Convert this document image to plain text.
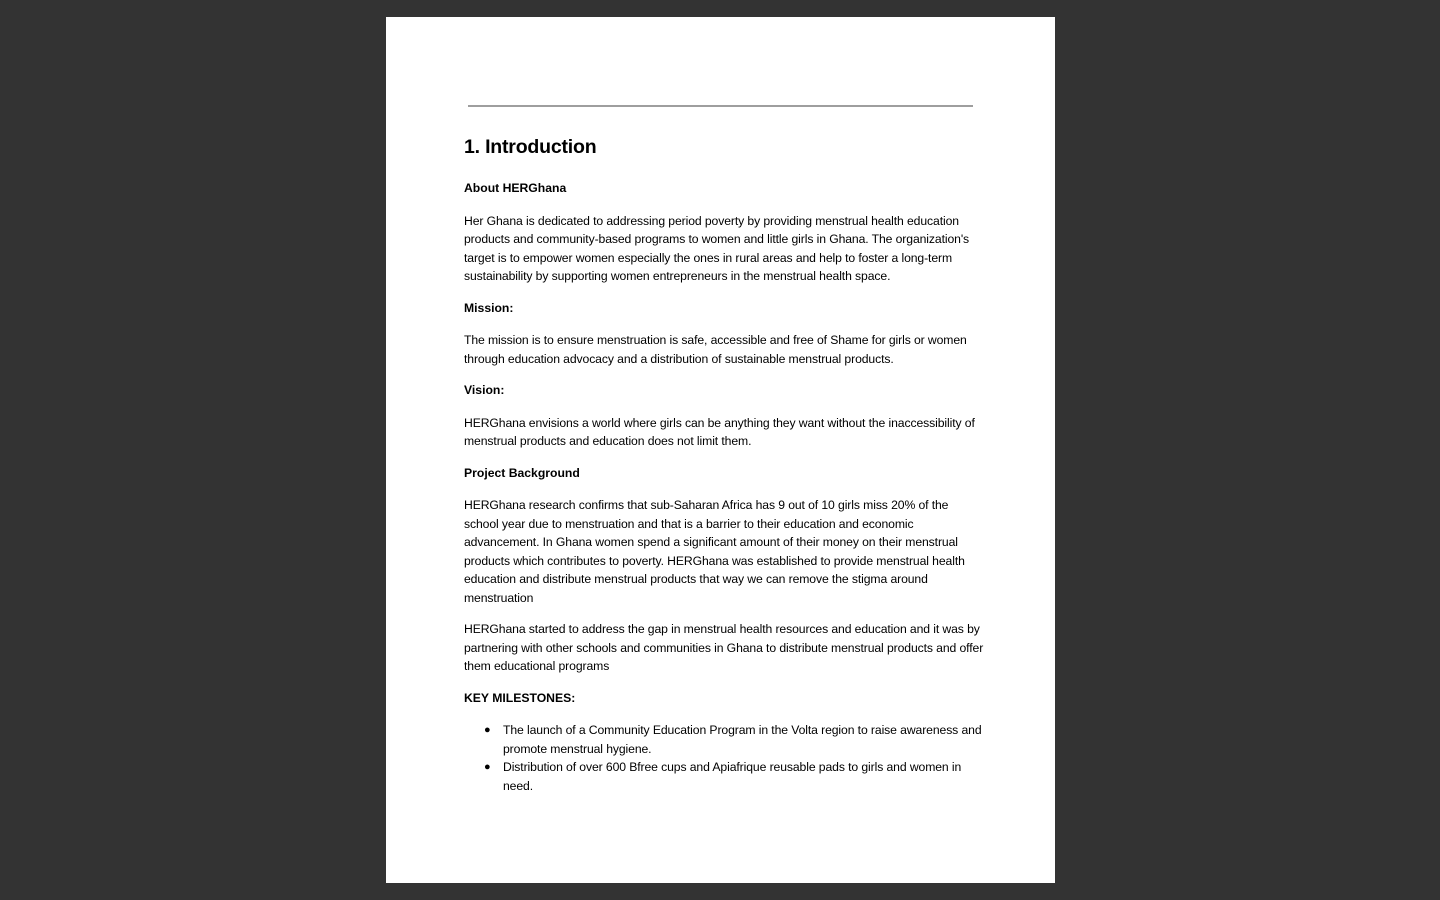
1. Introduction
About HERGhana

Her Ghana is dedicated to addressing period poverty by providing menstrual health education products and community-based programs to women and little girls in Ghana. The organization's target is to empower women especially the ones in rural areas and help to foster a long-term sustainability by supporting women entrepreneurs in the menstrual health space.

Mission:

The mission is to ensure menstruation is safe, accessible and free of Shame for girls or women through education advocacy and a distribution of sustainable menstrual products.

Vision:

HERGhana envisions a world where girls can be anything they want without the inaccessibility of menstrual products and education does not limit them.

Project Background

HERGhana research confirms that sub-Saharan Africa has 9 out of 10 girls miss 20% of the school year due to menstruation and that is a barrier to their education and economic advancement. In Ghana women spend a significant amount of their money on their menstrual products which contributes to poverty. HERGhana was established to provide menstrual health education and distribute menstrual products that way we can remove the stigma around menstruation

HERGhana started to address the gap in menstrual health resources and education and it was by partnering with other schools and communities in Ghana to distribute menstrual products and offer them educational programs

KEY MILESTONES:
● The launch of a Community Education Program in the Volta region to raise awareness and promote menstrual hygiene.
● Distribution of over 600 Bfree cups and Apiafrique reusable pads to girls and women in need.
